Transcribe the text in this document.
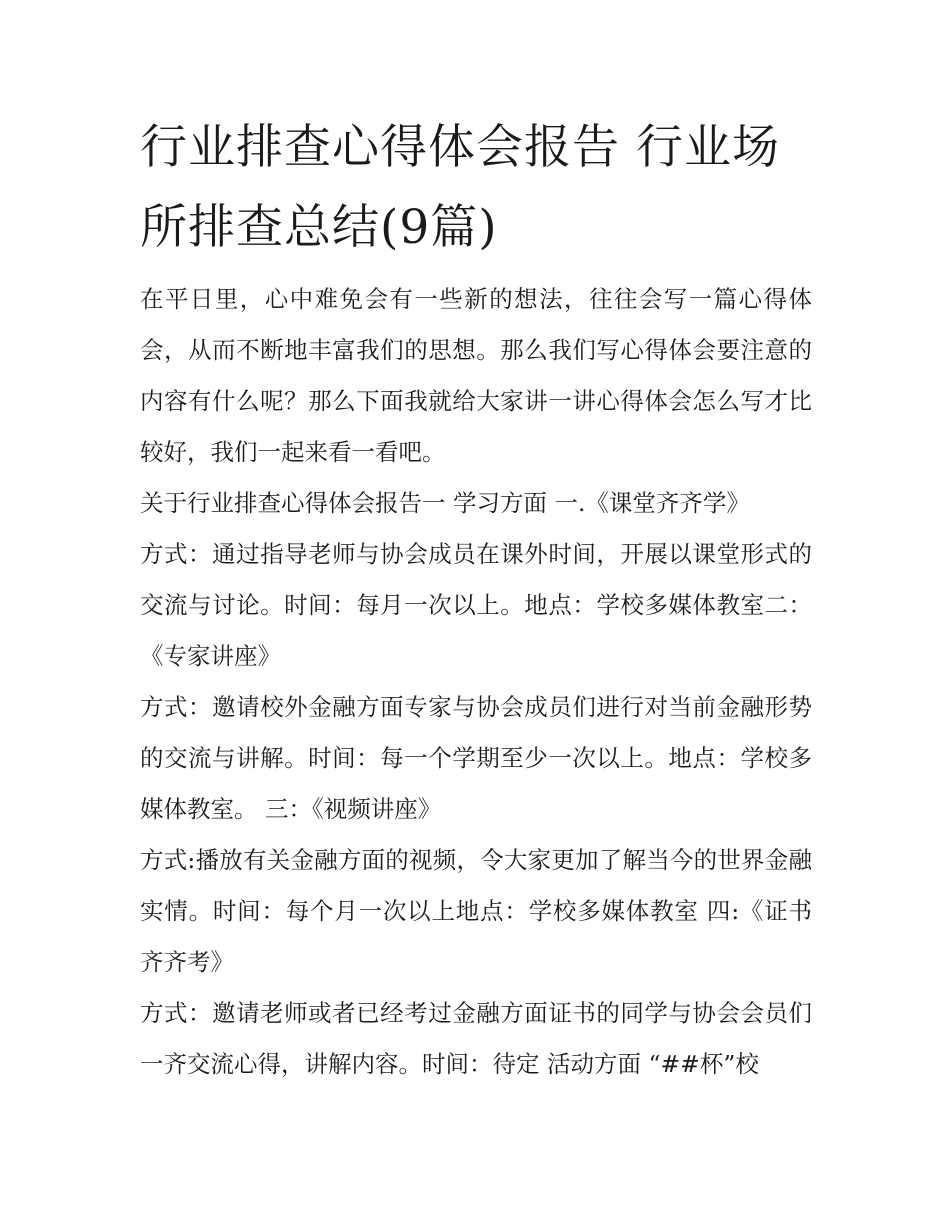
行业排查心得体会报告 行业场所排查总结(9篇)

在平日里，心中难免会有一些新的想法，往往会写一篇心得体会，从而不断地丰富我们的思想。那么我们写心得体会要注意的内容有什么呢？那么下面我就给大家讲一讲心得体会怎么写才比较好，我们一起来看一看吧。

关于行业排查心得体会报告一 学习方面 一.《课堂齐齐学》

方式：通过指导老师与协会成员在课外时间，开展以课堂形式的交流与讨论。时间：每月一次以上。地点：学校多媒体教室二：《专家讲座》

方式：邀请校外金融方面专家与协会成员们进行对当前金融形势的交流与讲解。时间：每一个学期至少一次以上。地点：学校多媒体教室。 三：《视频讲座》

方式:播放有关金融方面的视频，令大家更加了解当今的世界金融实情。时间：每个月一次以上地点：学校多媒体教室 四:《证书齐齐考》

方式：邀请老师或者已经考过金融方面证书的同学与协会会员们一齐交流心得，讲解内容。时间：待定 活动方面 “##杯”校
